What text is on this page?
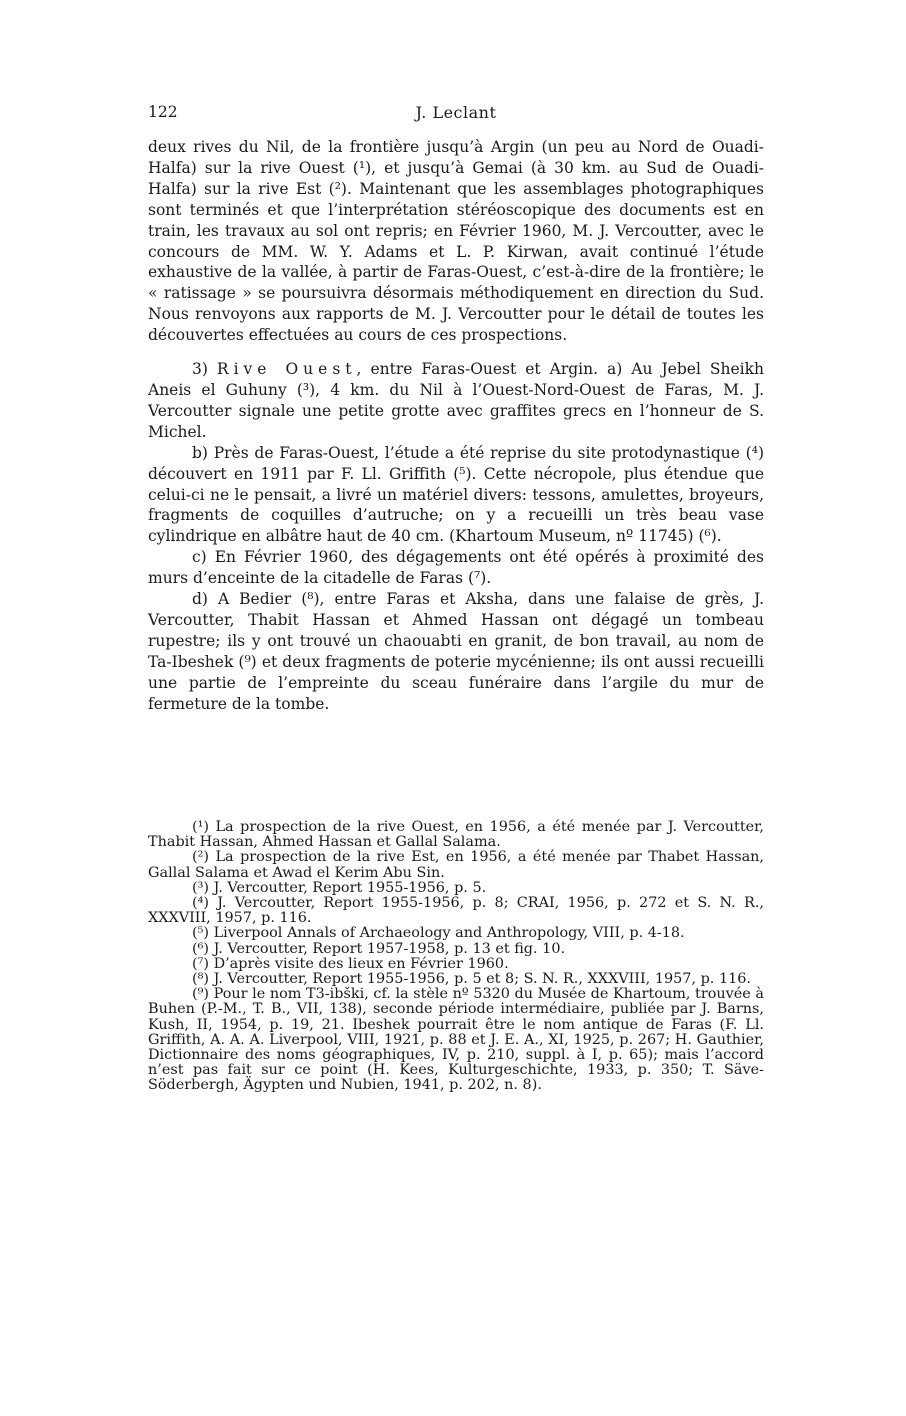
122	J. Leclant

deux rives du Nil, de la frontière jusqu’à Argin (un peu au Nord de Ouadi-Halfa) sur la rive Ouest (¹), et jusqu’à Gemai (à 30 km. au Sud de Ouadi-Halfa) sur la rive Est (²). Maintenant que les assemblages photographiques sont terminés et que l’interprétation stéréoscopique des documents est en train, les travaux au sol ont repris; en Février 1960, M. J. Vercoutter, avec le concours de MM. W. Y. Adams et L. P. Kirwan, avait continué l’étude exhaustive de la vallée, à partir de Faras-Ouest, c’est-à-dire de la frontière; le « ratissage » se poursuivra désormais méthodiquement en direction du Sud. Nous renvoyons aux rapports de M. J. Vercoutter pour le détail de toutes les découvertes effectuées au cours de ces prospections.

3) Rive Ouest, entre Faras-Ouest et Argin. a) Au Jebel Sheikh Aneis el Guhuny (³), 4 km. du Nil à l’Ouest-Nord-Ouest de Faras, M. J. Vercoutter signale une petite grotte avec graffites grecs en l’honneur de S. Michel.

b) Près de Faras-Ouest, l’étude a été reprise du site protodynastique (⁴) découvert en 1911 par F. Ll. Griffith (⁵). Cette nécropole, plus étendue que celui-ci ne le pensait, a livré un matériel divers: tessons, amulettes, broyeurs, fragments de coquilles d’autruche; on y a recueilli un très beau vase cylindrique en albâtre haut de 40 cm. (Khartoum Museum, nº 11745) (⁶).

c) En Février 1960, des dégagements ont été opérés à proximité des murs d’enceinte de la citadelle de Faras (⁷).

d) A Bedier (⁸), entre Faras et Aksha, dans une falaise de grès, J. Vercoutter, Thabit Hassan et Ahmed Hassan ont dégagé un tombeau rupestre; ils y ont trouvé un chaouabti en granit, de bon travail, au nom de Ta-Ibeshek (⁹) et deux fragments de poterie mycénienne; ils ont aussi recueilli une partie de l’empreinte du sceau funéraire dans l’argile du mur de fermeture de la tombe.

(¹) La prospection de la rive Ouest, en 1956, a été menée par J. Vercoutter, Thabit Hassan, Ahmed Hassan et Gallal Salama.

(²) La prospection de la rive Est, en 1956, a été menée par Thabet Hassan, Gallal Salama et Awad el Kerim Abu Sin.

(³) J. Vercoutter, Report 1955-1956, p. 5.

(⁴) J. Vercoutter, Report 1955-1956, p. 8; CRAI, 1956, p. 272 et S. N. R., XXXVIII, 1957, p. 116.

(⁵) Liverpool Annals of Archaeology and Anthropology, VIII, p. 4-18.

(⁶) J. Vercoutter, Report 1957-1958, p. 13 et fig. 10.

(⁷) D’après visite des lieux en Février 1960.

(⁸) J. Vercoutter, Report 1955-1956, p. 5 et 8; S. N. R., XXXVIII, 1957, p. 116.

(⁹) Pour le nom T3-ibški, cf. la stèle nº 5320 du Musée de Khartoum, trouvée à Buhen (P.-M., T. B., VII, 138), seconde période intermédiaire, publiée par J. Barns, Kush, II, 1954, p. 19, 21. Ibeshek pourrait être le nom antique de Faras (F. Ll. Griffith, A. A. A. Liverpool, VIII, 1921, p. 88 et J. E. A., XI, 1925, p. 267; H. Gauthier, Dictionnaire des noms géographiques, IV, p. 210, suppl. à I, p. 65); mais l’accord n’est pas fait sur ce point (H. Kees, Kulturgeschichte, 1933, p. 350; T. Säve-Söderbergh, Ägypten und Nubien, 1941, p. 202, n. 8).
